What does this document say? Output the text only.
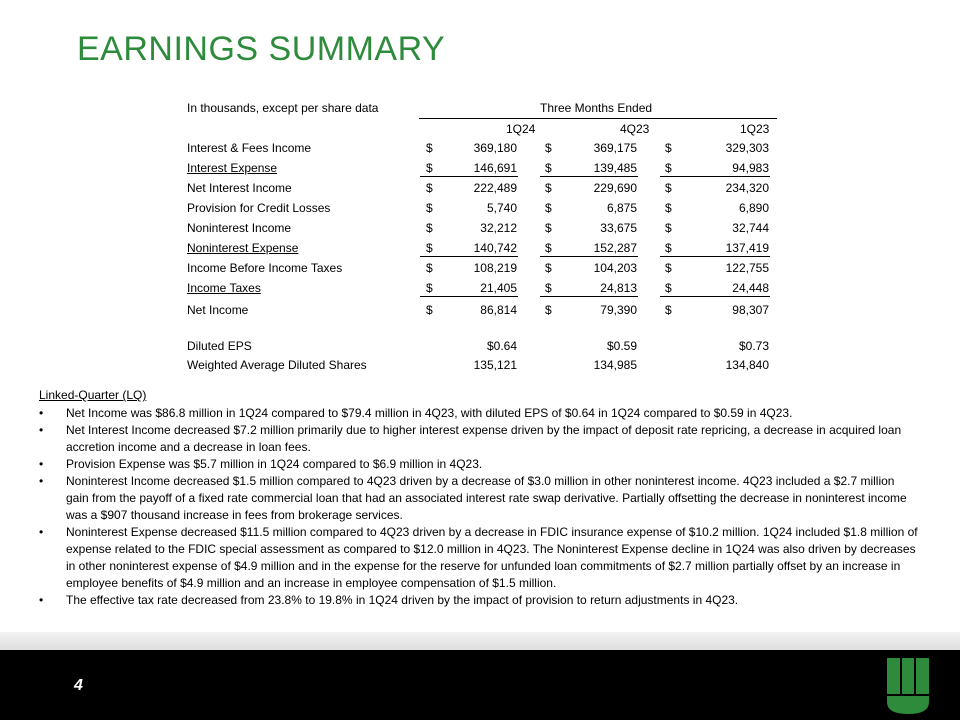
EARNINGS SUMMARY
In thousands, except per share data	Three Months Ended
1Q24	4Q23	1Q23
Interest & Fees Income	$	369,180 $	369,175 $	329,303
Interest Expense	$	146,691 $	139,485 $	94,983
Net Interest Income	$	222,489 $	229,690 $	234,320
Provision for Credit Losses	$	5,740 $	6,875 $	6,890
Noninterest Income	$	32,212 $	33,675 $	32,744
Noninterest Expense	$	140,742 $	152,287 $	137,419
Income Before Income Taxes	$	108,219 $	104,203 $	122,755
Income Taxes	$	21,405 $	24,813 $	24,448
Net Income	$	86,814 $	79,390 $	98,307
Diluted EPS	$0.64	$0.59	$0.73
Weighted Average Diluted Shares	135,121	134,985	134,840
Linked-Quarter (LQ)
• Net Income was $86.8 million in 1Q24 compared to $79.4 million in 4Q23, with diluted EPS of $0.64 in 1Q24 compared to $0.59 in 4Q23.
• Net Interest Income decreased $7.2 million primarily due to higher interest expense driven by the impact of deposit rate repricing, a decrease in acquired loan accretion income and a decrease in loan fees.
• Provision Expense was $5.7 million in 1Q24 compared to $6.9 million in 4Q23.
• Noninterest Income decreased $1.5 million compared to 4Q23 driven by a decrease of $3.0 million in other noninterest income. 4Q23 included a $2.7 million gain from the payoff of a fixed rate commercial loan that had an associated interest rate swap derivative. Partially offsetting the decrease in noninterest income was a $907 thousand increase in fees from brokerage services.
• Noninterest Expense decreased $11.5 million compared to 4Q23 driven by a decrease in FDIC insurance expense of $10.2 million. 1Q24 included $1.8 million of expense related to the FDIC special assessment as compared to $12.0 million in 4Q23. The Noninterest Expense decline in 1Q24 was also driven by decreases in other noninterest expense of $4.9 million and in the expense for the reserve for unfunded loan commitments of $2.7 million partially offset by an increase in employee benefits of $4.9 million and an increase in employee compensation of $1.5 million.
• The effective tax rate decreased from 23.8% to 19.8% in 1Q24 driven by the impact of provision to return adjustments in 4Q23.
4
